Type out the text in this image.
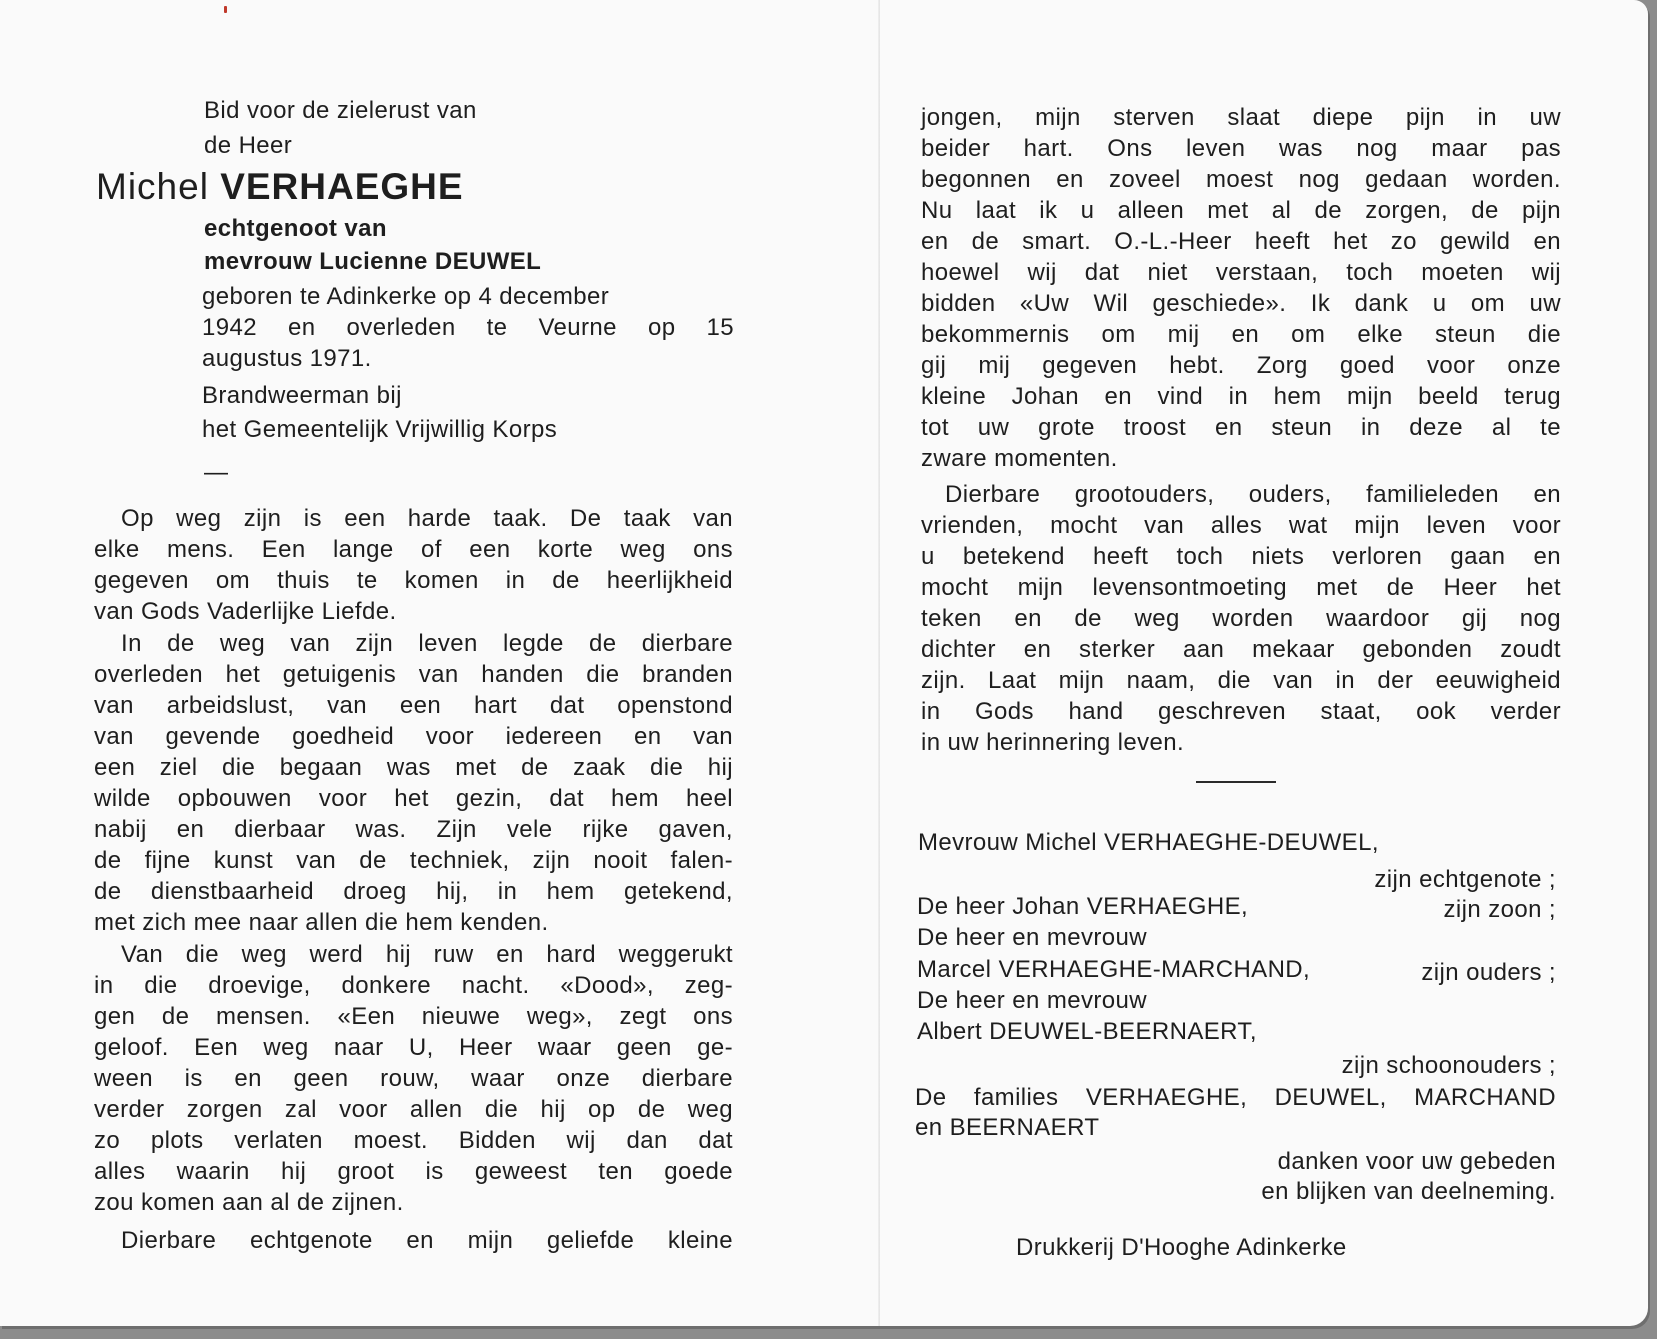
Bid voor de zielerust van
de Heer
Michel VERHAEGHE
echtgenoot van
mevrouw Lucienne DEUWEL
geboren te Adinkerke op 4 december
1942 en overleden te Veurne op 15
augustus 1971.
Brandweerman bij
het Gemeentelijk Vrijwillig Korps
—
Op weg zijn is een harde taak. De taak van
elke mens. Een lange of een korte weg ons
gegeven om thuis te komen in de heerlijkheid
van Gods Vaderlijke Liefde.
In de weg van zijn leven legde de dierbare
overleden het getuigenis van handen die branden
van arbeidslust, van een hart dat openstond
van gevende goedheid voor iedereen en van
een ziel die begaan was met de zaak die hij
wilde opbouwen voor het gezin, dat hem heel
nabij en dierbaar was. Zijn vele rijke gaven,
de fijne kunst van de techniek, zijn nooit falen-
de dienstbaarheid droeg hij, in hem getekend,
met zich mee naar allen die hem kenden.
Van die weg werd hij ruw en hard weggerukt
in die droevige, donkere nacht. «Dood», zeg-
gen de mensen. «Een nieuwe weg», zegt ons
geloof. Een weg naar U, Heer waar geen ge-
ween is en geen rouw, waar onze dierbare
verder zorgen zal voor allen die hij op de weg
zo plots verlaten moest. Bidden wij dan dat
alles waarin hij groot is geweest ten goede
zou komen aan al de zijnen.
Dierbare echtgenote en mijn geliefde kleine
jongen, mijn sterven slaat diepe pijn in uw
beider hart. Ons leven was nog maar pas
begonnen en zoveel moest nog gedaan worden.
Nu laat ik u alleen met al de zorgen, de pijn
en de smart. O.-L.-Heer heeft het zo gewild en
hoewel wij dat niet verstaan, toch moeten wij
bidden «Uw Wil geschiede». Ik dank u om uw
bekommernis om mij en om elke steun die
gij mij gegeven hebt. Zorg goed voor onze
kleine Johan en vind in hem mijn beeld terug
tot uw grote troost en steun in deze al te
zware momenten.
Dierbare grootouders, ouders, familieleden en
vrienden, mocht van alles wat mijn leven voor
u betekend heeft toch niets verloren gaan en
mocht mijn levensontmoeting met de Heer het
teken en de weg worden waardoor gij nog
dichter en sterker aan mekaar gebonden zoudt
zijn. Laat mijn naam, die van in der eeuwigheid
in Gods hand geschreven staat, ook verder
in uw herinnering leven.
Mevrouw Michel VERHAEGHE-DEUWEL,
zijn echtgenote ;
De heer Johan VERHAEGHE,	zijn zoon ;
De heer en mevrouw
Marcel VERHAEGHE-MARCHAND,	zijn ouders ;
De heer en mevrouw
Albert DEUWEL-BEERNAERT,
zijn schoonouders ;
De families VERHAEGHE, DEUWEL, MARCHAND
en BEERNAERT
danken voor uw gebeden
en blijken van deelneming.
Drukkerij D'Hooghe Adinkerke
